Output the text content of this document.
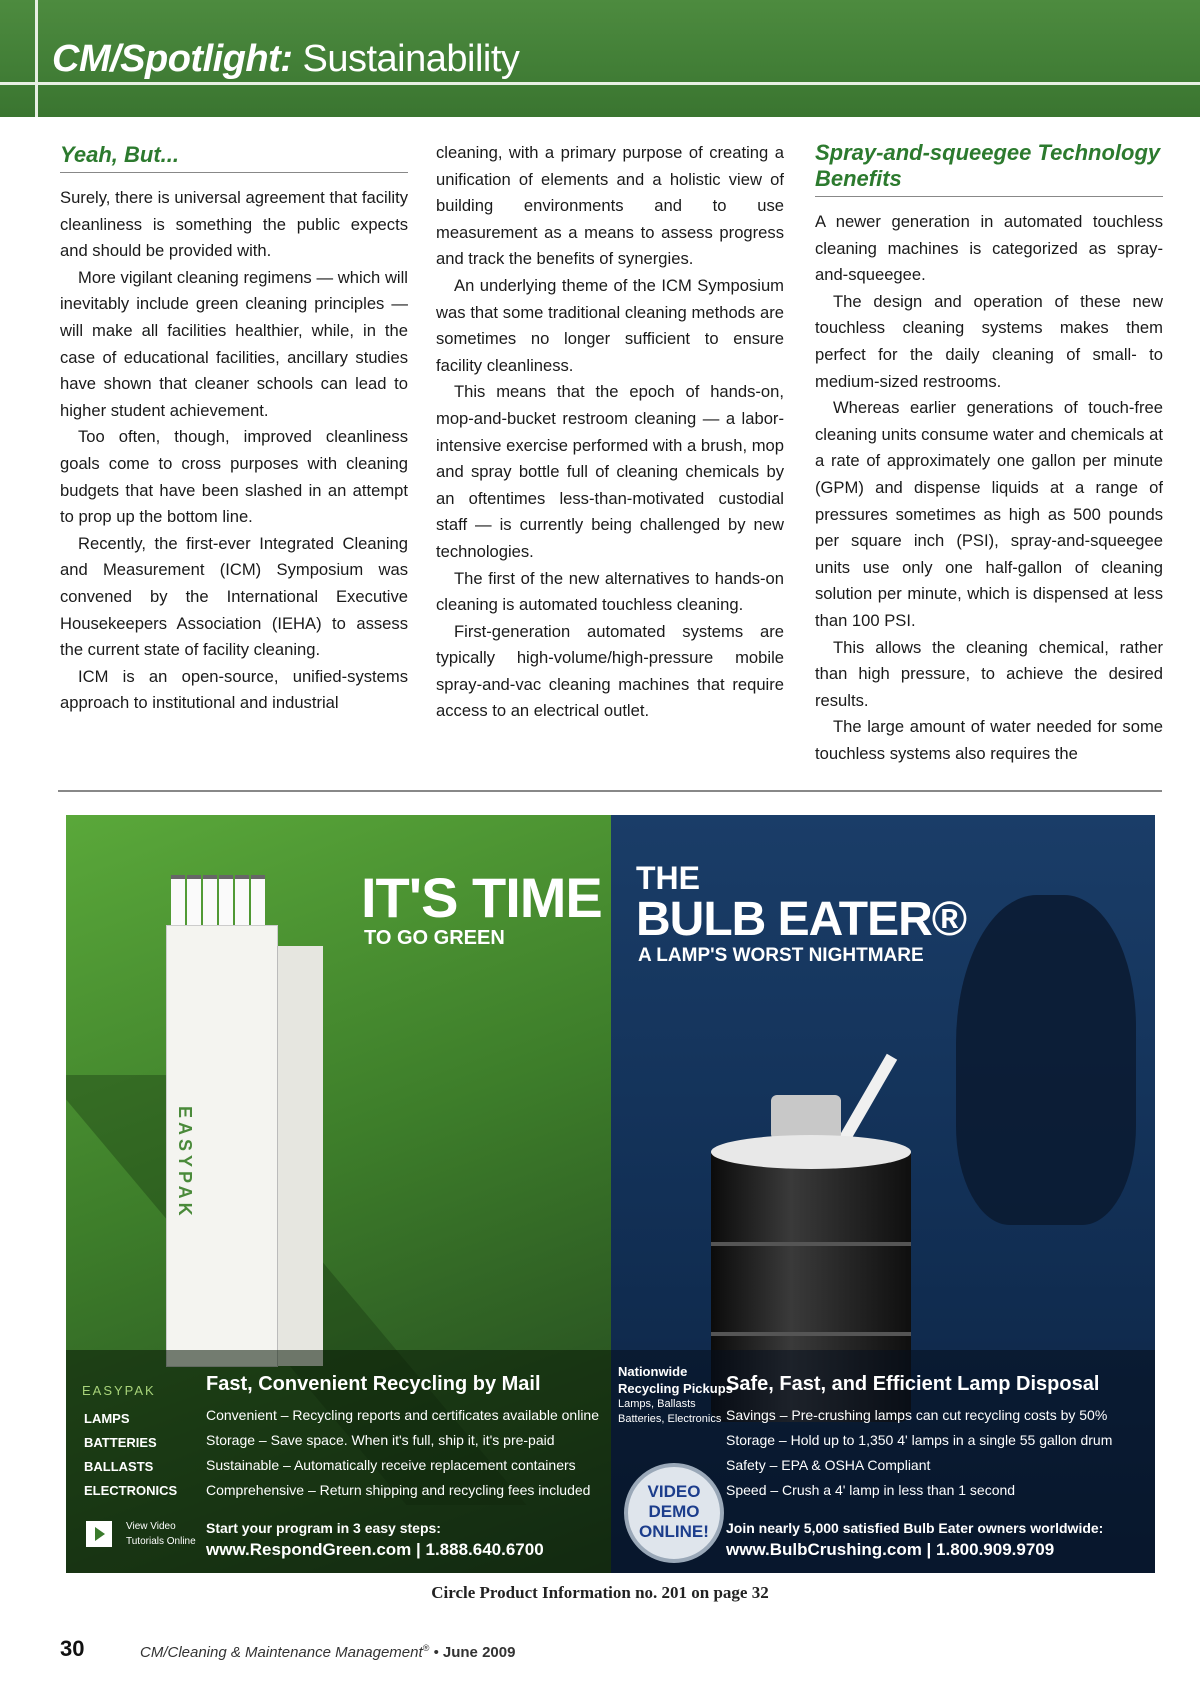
CM/Spotlight: Sustainability
Yeah, But...

Surely, there is universal agreement that facility cleanliness is something the public expects and should be provided with.

More vigilant cleaning regimens — which will inevitably include green cleaning principles — will make all facilities healthier, while, in the case of educational facilities, ancillary studies have shown that cleaner schools can lead to higher student achievement.

Too often, though, improved cleanliness goals come to cross purposes with cleaning budgets that have been slashed in an attempt to prop up the bottom line.

Recently, the first-ever Integrated Cleaning and Measurement (ICM) Symposium was convened by the International Executive Housekeepers Association (IEHA) to assess the current state of facility cleaning.

ICM is an open-source, unified-systems approach to institutional and industrial

cleaning, with a primary purpose of creating a unification of elements and a holistic view of building environments and to use measurement as a means to assess progress and track the benefits of synergies.

An underlying theme of the ICM Symposium was that some traditional cleaning methods are sometimes no longer sufficient to ensure facility cleanliness.

This means that the epoch of hands-on, mop-and-bucket restroom cleaning — a labor-intensive exercise performed with a brush, mop and spray bottle full of cleaning chemicals by an oftentimes less-than-motivated custodial staff — is currently being challenged by new technologies.

The first of the new alternatives to hands-on cleaning is automated touchless cleaning.

First-generation automated systems are typically high-volume/high-pressure mobile spray-and-vac cleaning machines that require access to an electrical outlet.

Spray-and-squeegee Technology Benefits

A newer generation in automated touchless cleaning machines is categorized as spray-and-squeegee.

The design and operation of these new touchless cleaning systems makes them perfect for the daily cleaning of small- to medium-sized restrooms.

Whereas earlier generations of touch-free cleaning units consume water and chemicals at a rate of approximately one gallon per minute (GPM) and dispense liquids at a range of pressures sometimes as high as 500 pounds per square inch (PSI), spray-and-squeegee units use only one half-gallon of cleaning solution per minute, which is dispensed at less than 100 PSI.

This allows the cleaning chemical, rather than high pressure, to achieve the desired results.

The large amount of water needed for some touchless systems also requires the

EASYPAK
IT'S TIME
TO GO GREEN
THE
BULB EATER®
A LAMP'S WORST NIGHTMARE
EASYPAK
LAMPS
BATTERIES
BALLASTS
ELECTRONICS
View Video
Tutorials Online
Fast, Convenient Recycling by Mail
Convenient – Recycling reports and certificates available online
Storage – Save space. When it's full, ship it, it's pre-paid
Sustainable – Automatically receive replacement containers
Comprehensive – Return shipping and recycling fees included
Start your program in 3 easy steps:
www.RespondGreen.com | 1.888.640.6700
Nationwide
Recycling Pickups
Lamps, Ballasts
Batteries, Electronics
VIDEO
DEMO
ONLINE!
Safe, Fast, and Efficient Lamp Disposal
Savings – Pre-crushing lamps can cut recycling costs by 50%
Storage – Hold up to 1,350 4' lamps in a single 55 gallon drum
Safety – EPA & OSHA Compliant
Speed – Crush a 4' lamp in less than 1 second
Join nearly 5,000 satisfied Bulb Eater owners worldwide:
www.BulbCrushing.com | 1.800.909.9709
Circle Product Information no. 201 on page 32
30	CM/Cleaning & Maintenance Management® • June 2009
